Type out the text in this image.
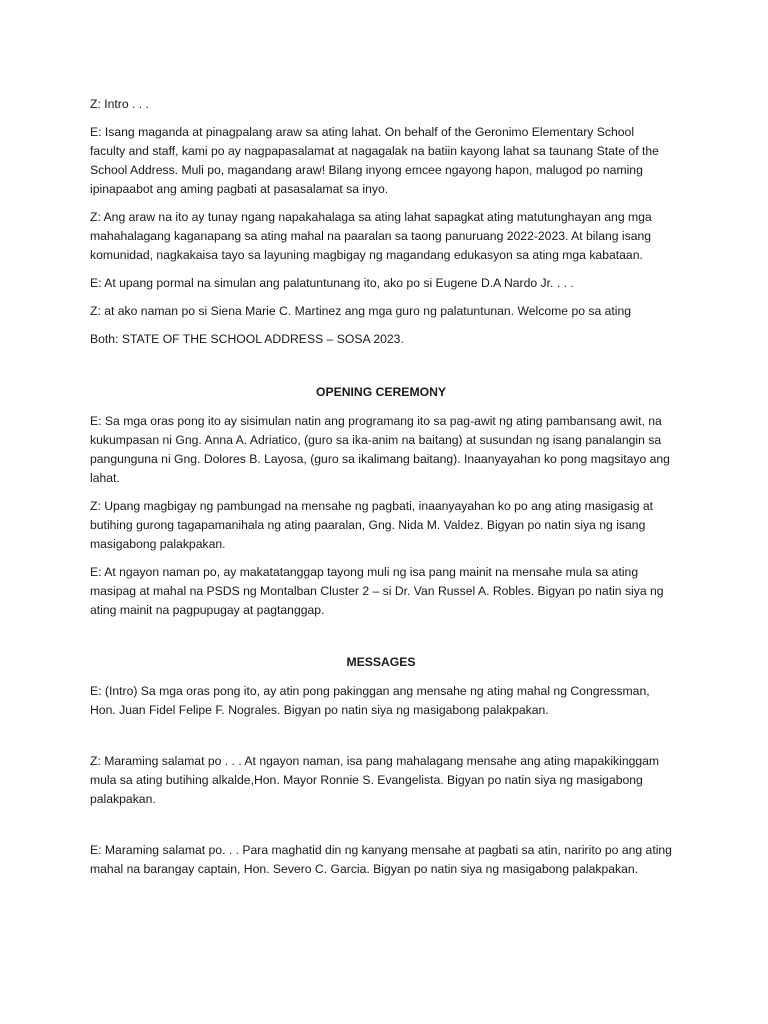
Z: Intro . . .

E: Isang maganda at pinagpalang araw sa ating lahat. On behalf of the Geronimo Elementary School faculty and staff, kami po ay nagpapasalamat at nagagalak na batiin kayong lahat sa taunang State of the School Address. Muli po, magandang araw! Bilang inyong emcee ngayong hapon, malugod po naming ipinapaabot ang aming pagbati at pasasalamat sa inyo.

Z: Ang araw na ito ay tunay ngang napakahalaga sa ating lahat sapagkat ating matutunghayan ang mga mahahalagang kaganapang sa ating mahal na paaralan sa taong panuruang 2022-2023. At bilang isang komunidad, nagkakaisa tayo sa layuning magbigay ng magandang edukasyon sa ating mga kabataan.

E: At upang pormal na simulan ang palatuntunang ito, ako po si Eugene D.A Nardo Jr. . . .

Z: at ako naman po si Siena Marie C. Martinez ang mga guro ng palatuntunan. Welcome po sa ating

Both: STATE OF THE SCHOOL ADDRESS – SOSA 2023.

OPENING CEREMONY

E: Sa mga oras pong ito ay sisimulan natin ang programang ito sa pag-awit ng ating pambansang awit, na kukumpasan ni Gng. Anna A. Adriatico, (guro sa ika-anim na baitang) at susundan ng isang panalangin sa pangunguna ni Gng. Dolores B. Layosa, (guro sa ikalimang baitang). Inaanyayahan ko pong magsitayo ang lahat.

Z: Upang magbigay ng pambungad na mensahe ng pagbati, inaanyayahan ko po ang ating masigasig at butihing gurong tagapamanihala ng ating paaralan, Gng. Nida M. Valdez. Bigyan po natin siya ng isang masigabong palakpakan.

E: At ngayon naman po, ay makatatanggap tayong muli ng isa pang mainit na mensahe mula sa ating masipag at mahal na PSDS ng Montalban Cluster 2 – si Dr. Van Russel A. Robles. Bigyan po natin siya ng ating mainit na pagpupugay at pagtanggap.

MESSAGES

E: (Intro) Sa mga oras pong ito, ay atin pong pakinggan ang mensahe ng ating mahal ng Congressman, Hon. Juan Fidel Felipe F. Nograles. Bigyan po natin siya ng masigabong palakpakan.

Z: Maraming salamat po . . . At ngayon naman, isa pang mahalagang mensahe ang ating mapakikinggam mula sa ating butihing alkalde,Hon. Mayor Ronnie S. Evangelista. Bigyan po natin siya ng masigabong palakpakan.

E: Maraming salamat po. . . Para maghatid din ng kanyang mensahe at pagbati sa atin, naririto po ang ating mahal na barangay captain, Hon. Severo C. Garcia. Bigyan po natin siya ng masigabong palakpakan.
